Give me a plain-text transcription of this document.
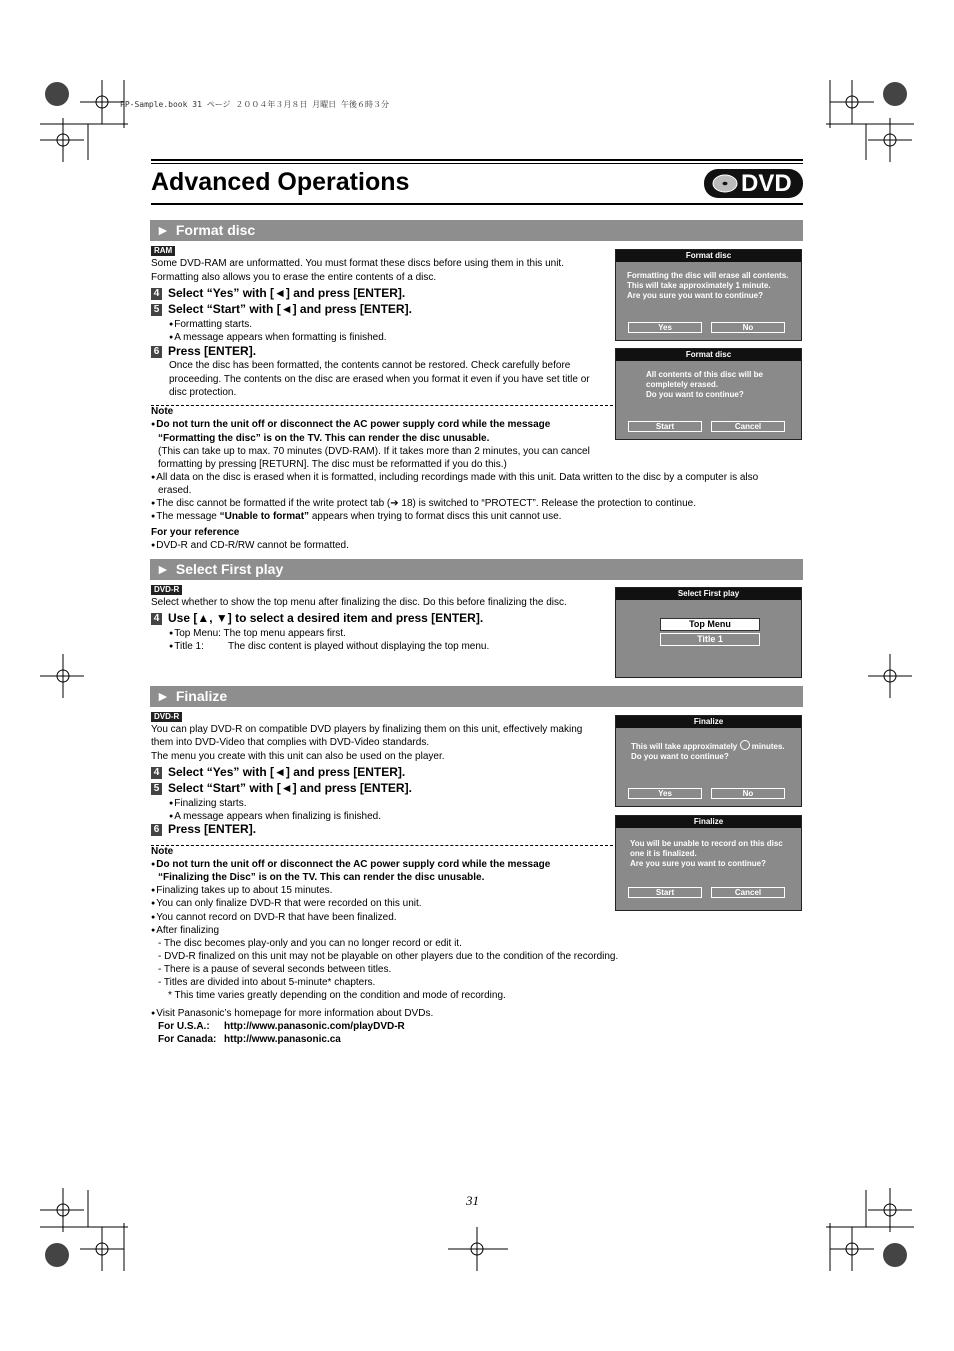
PP-Sample.book 31 ページ ２００４年３月８日 月曜日 午後６時３分
Advanced Operations	DVD
► Format disc
RAM
Some DVD-RAM are unformatted. You must format these discs before using them in this unit.
Formatting also allows you to erase the entire contents of a disc.
4 Select “Yes” with [◄] and press [ENTER].
5 Select “Start” with [◄] and press [ENTER].
● Formatting starts.
● A message appears when formatting is finished.
6 Press [ENTER].
Once the disc has been formatted, the contents cannot be restored. Check carefully before
proceeding. The contents on the disc are erased when you format it even if you have set title or
disc protection.
Note
● Do not turn the unit off or disconnect the AC power supply cord while the message
“Formatting the disc” is on the TV. This can render the disc unusable.
(This can take up to max. 70 minutes (DVD-RAM). If it takes more than 2 minutes, you can cancel
formatting by pressing [RETURN]. The disc must be reformatted if you do this.)
● All data on the disc is erased when it is formatted, including recordings made with this unit. Data written to the disc by a computer is also
erased.
● The disc cannot be formatted if the write protect tab (➔ 18) is switched to “PROTECT”. Release the protection to continue.
● The message “Unable to format” appears when trying to format discs this unit cannot use.
For your reference
● DVD-R and CD-R/RW cannot be formatted.
Format disc
Formatting the disc will erase all contents.
This will take approximately 1 minute.
Are you sure you want to continue?
Yes	No
Format disc
All contents of this disc will be
completely erased.
Do you want to continue?
Start	Cancel
► Select First play
DVD-R
Select whether to show the top menu after finalizing the disc. Do this before finalizing the disc.
4 Use [▲, ▼] to select a desired item and press [ENTER].
● Top Menu: The top menu appears first.
● Title 1: The disc content is played without displaying the top menu.
Select First play
Top Menu
Title 1
► Finalize
DVD-R
You can play DVD-R on compatible DVD players by finalizing them on this unit, effectively making
them into DVD-Video that complies with DVD-Video standards.
The menu you create with this unit can also be used on the player.
4 Select “Yes” with [◄] and press [ENTER].
5 Select “Start” with [◄] and press [ENTER].
● Finalizing starts.
● A message appears when finalizing is finished.
6 Press [ENTER].
Note
● Do not turn the unit off or disconnect the AC power supply cord while the message
“Finalizing the Disc” is on the TV. This can render the disc unusable.
● Finalizing takes up to about 15 minutes.
● You can only finalize DVD-R that were recorded on this unit.
● You cannot record on DVD-R that have been finalized.
● After finalizing
- The disc becomes play-only and you can no longer record or edit it.
- DVD-R finalized on this unit may not be playable on other players due to the condition of the recording.
- There is a pause of several seconds between titles.
- Titles are divided into about 5-minute* chapters.
* This time varies greatly depending on the condition and mode of recording.
● Visit Panasonic’s homepage for more information about DVDs.
For U.S.A.: http://www.panasonic.com/playDVD-R
For Canada: http://www.panasonic.ca
Finalize
This will take approximately minutes.
Do you want to continue?
Yes	No
Finalize
You will be unable to record on this disc
one it is finalized.
Are you sure you want to continue?
Start	Cancel
31
